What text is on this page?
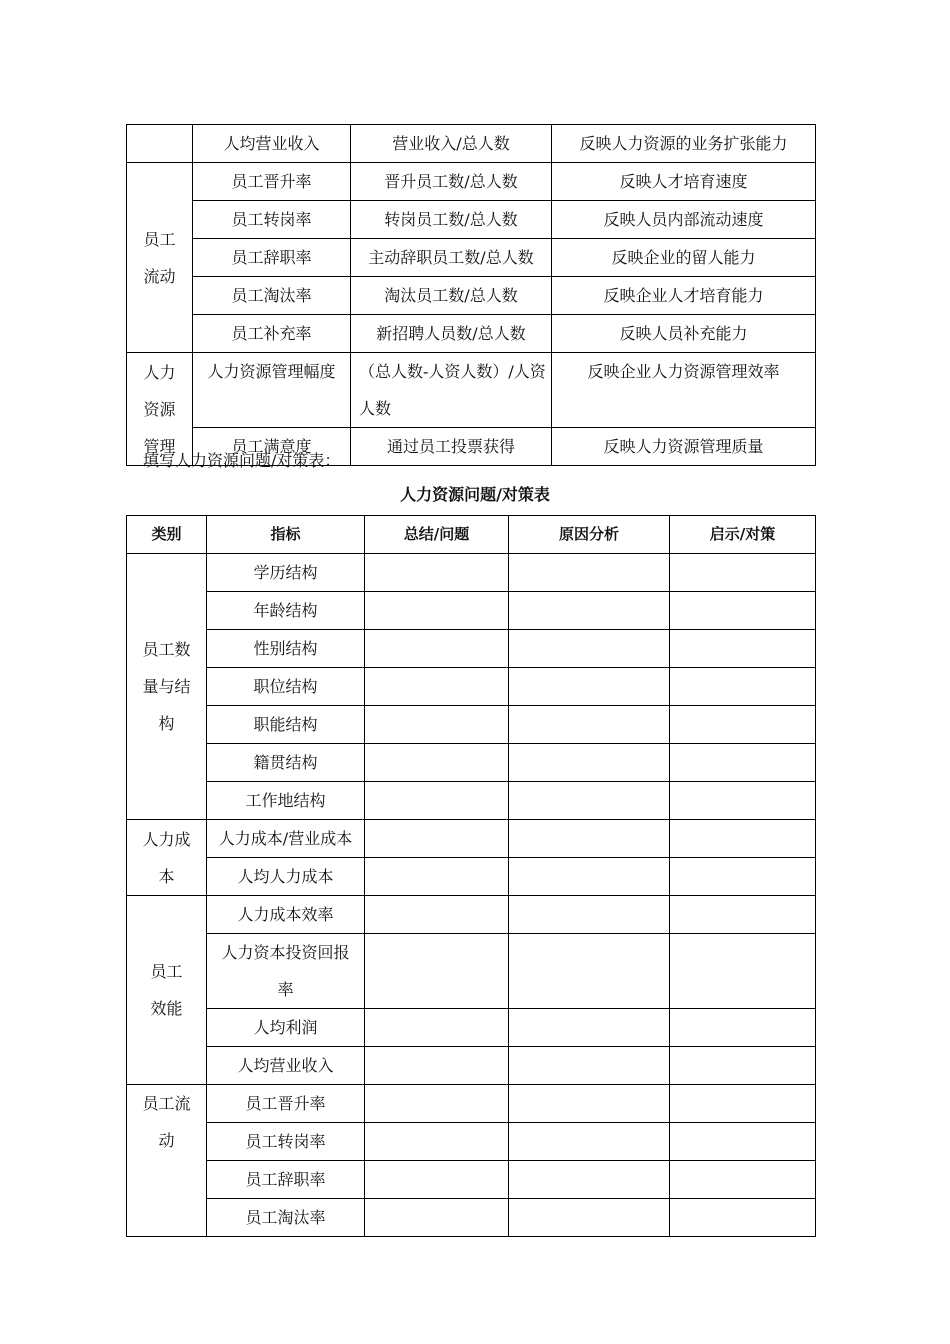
	人均营业收入	营业收入/总人数	反映人力资源的业务扩张能力

员工流动	员工晋升率	晋升员工数/总人数	反映人才培育速度
	员工转岗率	转岗员工数/总人数	反映人员内部流动速度
	员工辞职率	主动辞职员工数/总人数	反映企业的留人能力
	员工淘汰率	淘汰员工数/总人数	反映企业人才培育能力
	员工补充率	新招聘人员数/总人数	反映人员补充能力

人力资源管理	人力资源管理幅度	（总人数-人资人数）/人资人数	反映企业人力资源管理效率
	员工满意度	通过员工投票获得	反映人力资源管理质量
填写人力资源问题/对策表：
人力资源问题/对策表
类别	指标	总结/问题	原因分析	启示/对策

员工数量与结构	学历结构			
	年龄结构			
	性别结构			
	职位结构			
	职能结构			
	籍贯结构			
	工作地结构			

人力成本	人力成本/营业成本			
	人均人力成本			

员工效能	人力成本效率			
	人力资本投资回报率			
	人均利润			
	人均营业收入			

员工流动	员工晋升率			
	员工转岗率			
	员工辞职率			
	员工淘汰率			
